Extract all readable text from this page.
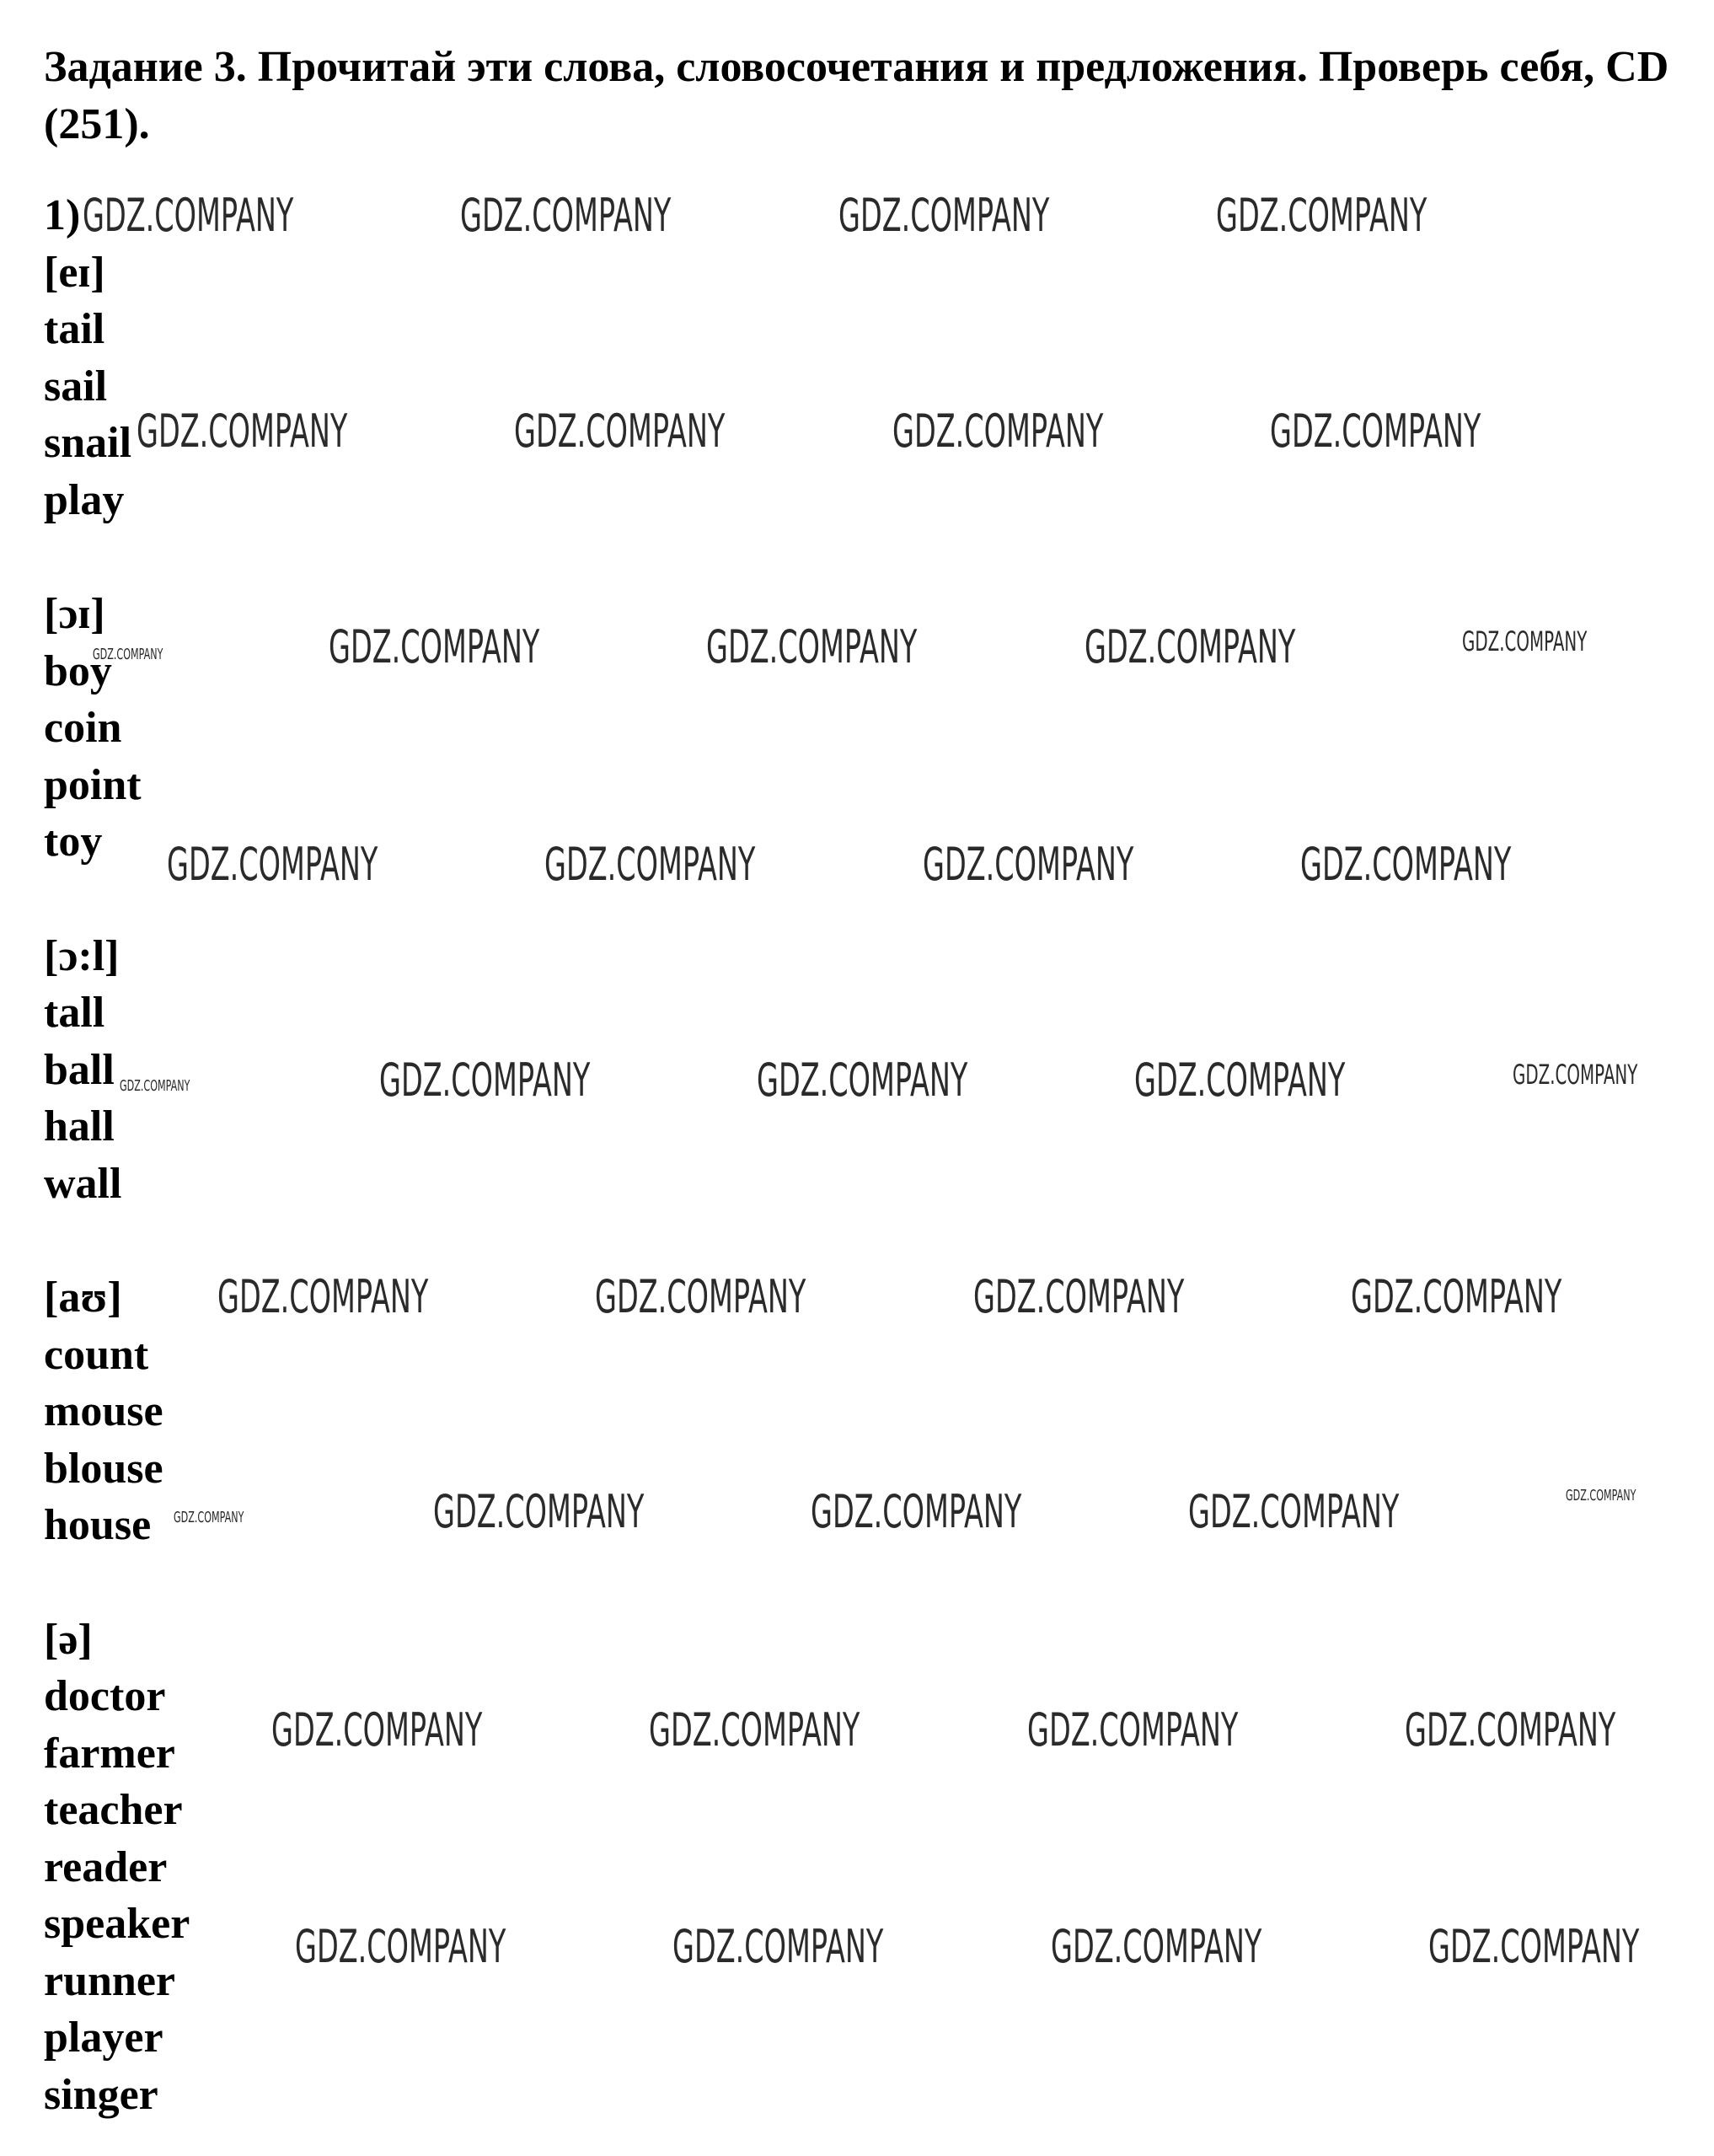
Задание 3. Прочитай эти слова, словосочетания и предложения. Проверь себя, CD (251).
1)
[eɪ]
tail
sail
snail
play
[ɔɪ]
boy
coin
point
toy
[ɔ:l]
tall
ball
hall
wall
[aʊ]
count
mouse
blouse
house
[ə]
doctor
farmer
teacher
reader
speaker
runner
player
singer
GDZ.COMPANY	GDZ.COMPANY	GDZ.COMPANY	GDZ.COMPANY
GDZ.COMPANY	GDZ.COMPANY	GDZ.COMPANY	GDZ.COMPANY
GDZ.COMPANY	GDZ.COMPANY	GDZ.COMPANY	GDZ.COMPANY	GDZ.COMPANY
GDZ.COMPANY	GDZ.COMPANY	GDZ.COMPANY	GDZ.COMPANY
GDZ.COMPANY	GDZ.COMPANY	GDZ.COMPANY	GDZ.COMPANY	GDZ.COMPANY
GDZ.COMPANY	GDZ.COMPANY	GDZ.COMPANY	GDZ.COMPANY
GDZ.COMPANY	GDZ.COMPANY	GDZ.COMPANY	GDZ.COMPANY	GDZ.COMPANY
GDZ.COMPANY	GDZ.COMPANY	GDZ.COMPANY	GDZ.COMPANY
GDZ.COMPANY	GDZ.COMPANY	GDZ.COMPANY	GDZ.COMPANY
